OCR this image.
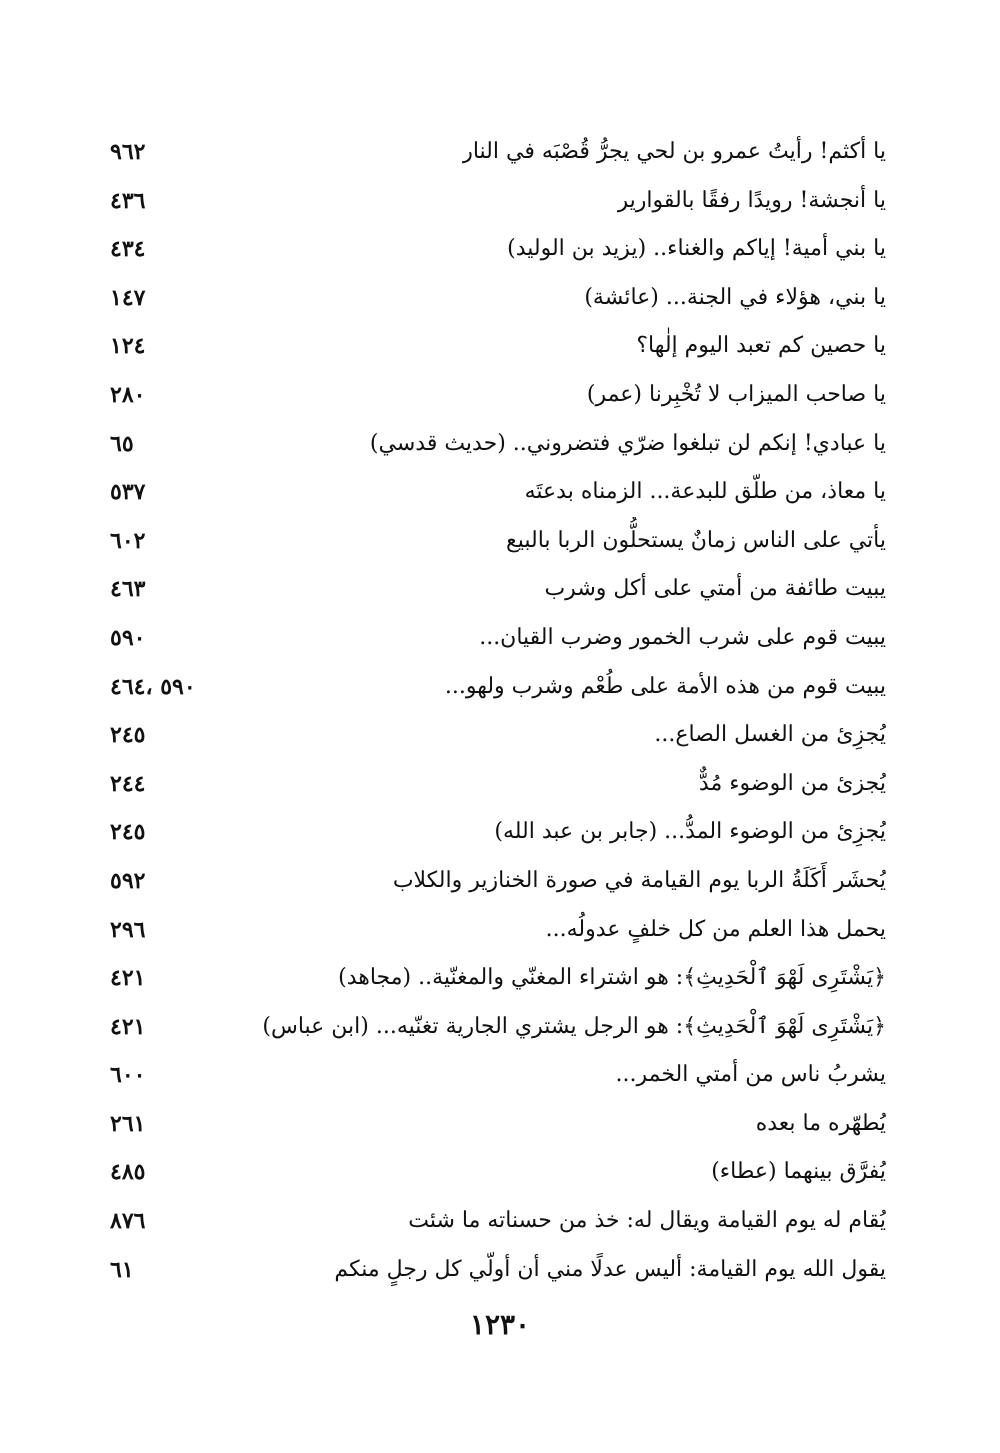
يا أكثم! رأيتُ عمرو بن لحي يجرُّ قُصْبَه في النار
٩٦٢
يا أنجشة! رويدًا رفقًا بالقوارير
٤٣٦
يا بني أمية! إياكم والغناء.. (يزيد بن الوليد)
٤٣٤
يا بني، هؤلاء في الجنة... (عائشة)
١٤٧
يا حصين كم تعبد اليوم إلٰها؟
١٢٤
يا صاحب الميزاب لا تُخْبِرنا (عمر)
٢٨٠
يا عبادي! إنكم لن تبلغوا ضرّي فتضروني.. (حديث قدسي)
٦٥
يا معاذ، من طلّق للبدعة... الزمناه بدعتَه
٥٣٧
يأتي على الناس زمانٌ يستحلُّون الربا بالبيع
٦٠٢
يبيت طائفة من أمتي على أكل وشرب
٤٦٣
يبيت قوم على شرب الخمور وضرب القيان...
٥٩٠
يبيت قوم من هذه الأمة على طُعْم وشرب ولهو...
٥٩٠ ،٤٦٤
يُجزِئ من الغسل الصاع...
٢٤٥
يُجزئ من الوضوء مُدٌّ
٢٤٤
يُجزِئ من الوضوء المدُّ... (جابر بن عبد الله)
٢٤٥
يُحشَر أَكَلَةُ الربا يوم القيامة في صورة الخنازير والكلاب
٥٩٢
يحمل هذا العلم من كل خلفٍ عدولُه...
٢٩٦
﴿يَشْتَرِى لَهْوَ ٱلْحَدِيثِ﴾: هو اشتراء المغنّي والمغنّية.. (مجاهد)
٤٢١
﴿يَشْتَرِى لَهْوَ ٱلْحَدِيثِ﴾: هو الرجل يشتري الجارية تغنّيه... (ابن عباس)
٤٢١
يشربُ ناس من أمتي الخمر...
٦٠٠
يُطهّره ما بعده
٢٦١
يُفرَّق بينهما (عطاء)
٤٨٥
يُقام له يوم القيامة ويقال له: خذ من حسناته ما شئت
٨٧٦
يقول الله يوم القيامة: أليس عدلًا مني أن أولّي كل رجلٍ منكم
٦١
١٢٣٠
